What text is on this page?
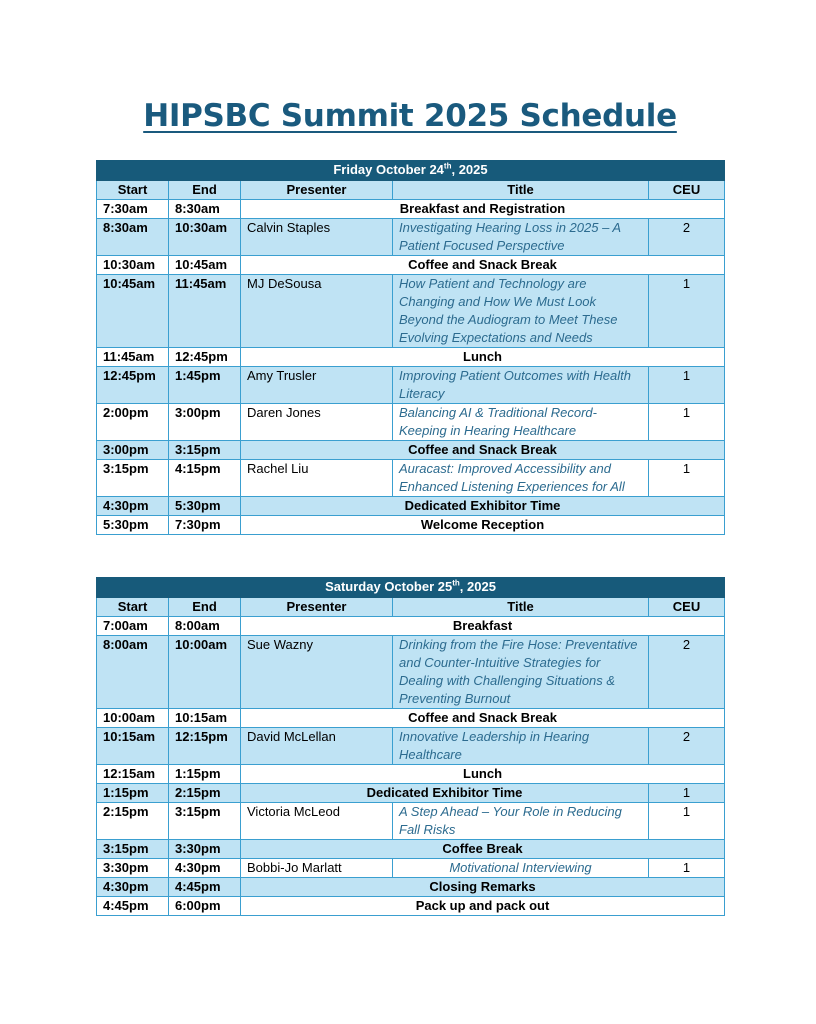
HIPSBC Summit 2025 Schedule
Friday October 24th, 2025				
Start	End	Presenter	Title	CEU
7:30am	8:30am	Breakfast and Registration		
8:30am	10:30am	Calvin Staples	Investigating Hearing Loss in 2025 – A Patient Focused Perspective	2
10:30am	10:45am	Coffee and Snack Break		
10:45am	11:45am	MJ DeSousa	How Patient and Technology are Changing and How We Must Look Beyond the Audiogram to Meet These Evolving Expectations and Needs	1
11:45am	12:45pm	Lunch		
12:45pm	1:45pm	Amy Trusler	Improving Patient Outcomes with Health Literacy	1
2:00pm	3:00pm	Daren Jones	Balancing AI & Traditional Record-Keeping in Hearing Healthcare	1
3:00pm	3:15pm	Coffee and Snack Break		
3:15pm	4:15pm	Rachel Liu	Auracast: Improved Accessibility and Enhanced Listening Experiences for All	1
4:30pm	5:30pm	Dedicated Exhibitor Time		
5:30pm	7:30pm	Welcome Reception		
Saturday October 25th, 2025				
Start	End	Presenter	Title	CEU
7:00am	8:00am	Breakfast		
8:00am	10:00am	Sue Wazny	Drinking from the Fire Hose: Preventative and Counter-Intuitive Strategies for Dealing with Challenging Situations & Preventing Burnout	2
10:00am	10:15am	Coffee and Snack Break		
10:15am	12:15pm	David McLellan	Innovative Leadership in Hearing Healthcare	2
12:15am	1:15pm	Lunch		
1:15pm	2:15pm	Dedicated Exhibitor Time		1
2:15pm	3:15pm	Victoria McLeod	A Step Ahead – Your Role in Reducing Fall Risks	1
3:15pm	3:30pm	Coffee Break		
3:30pm	4:30pm	Bobbi-Jo Marlatt	Motivational Interviewing	1
4:30pm	4:45pm	Closing Remarks		
4:45pm	6:00pm	Pack up and pack out		
